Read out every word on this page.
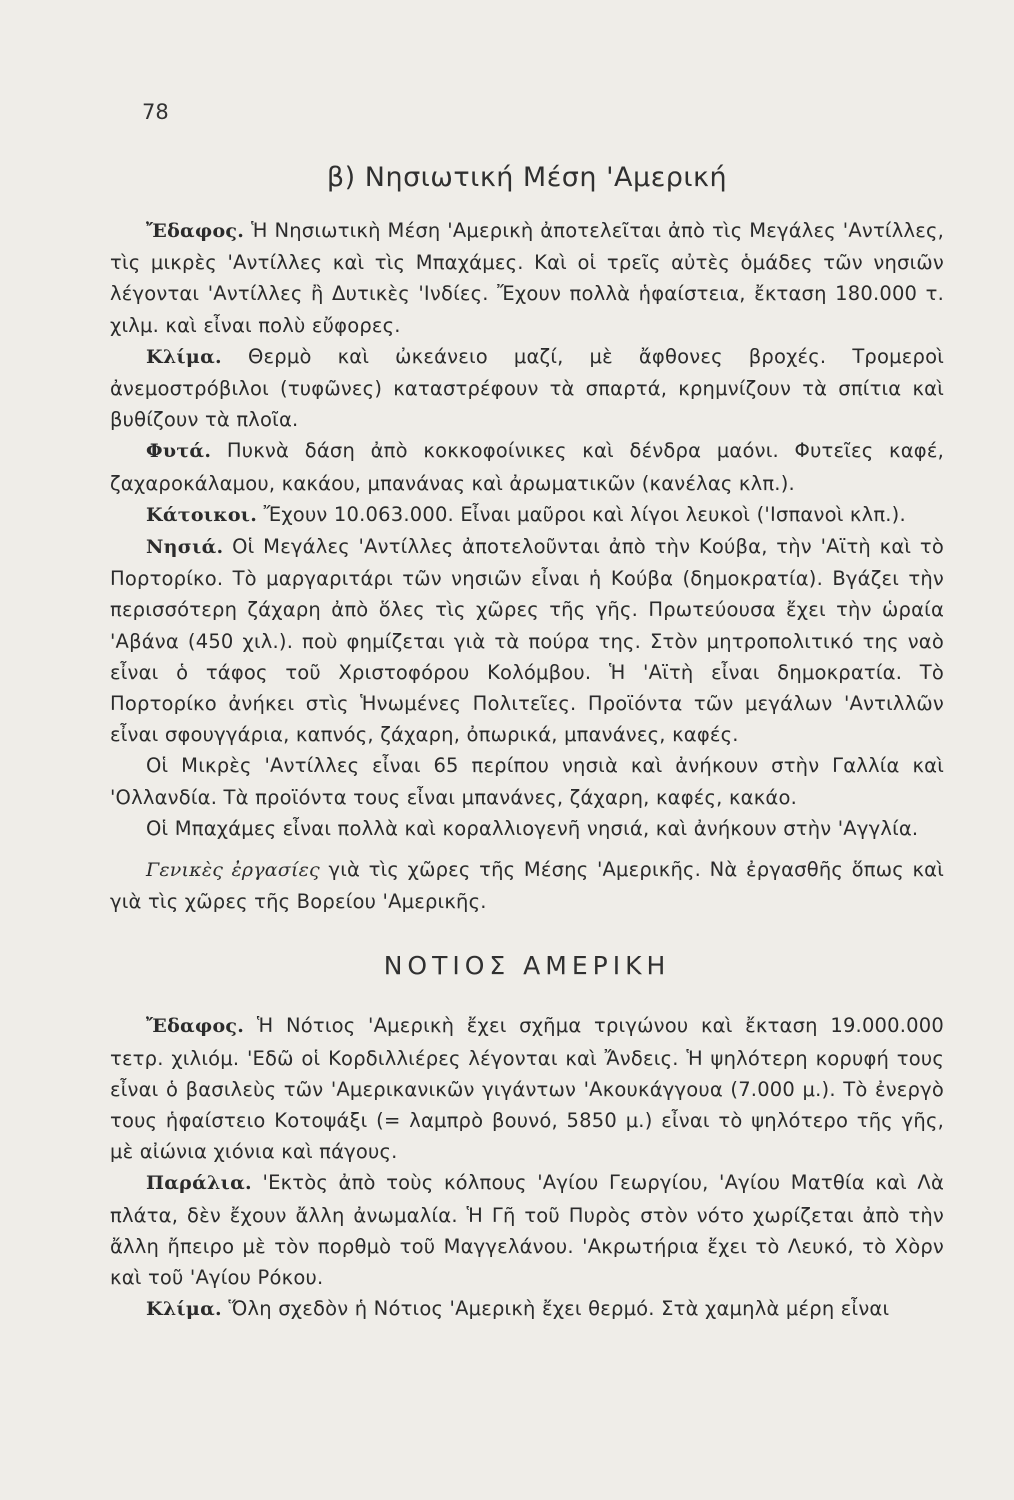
78
β) Νησιωτική Μέση 'Αμερική

Ἔδαφος. Ἡ Νησιωτικὴ Μέση 'Αμερικὴ ἀποτελεῖται ἀπὸ τὶς Μεγάλες 'Αντίλλες, τὶς μικρὲς 'Αντίλλες καὶ τὶς Μπαχάμες. Καὶ οἱ τρεῖς αὐτὲς ὁμάδες τῶν νησιῶν λέγονται 'Αντίλλες ἢ Δυτικὲς 'Ινδίες. Ἔχουν πολλὰ ἡφαίστεια, ἔκταση 180.000 τ. χιλμ. καὶ εἶναι πολὺ εὔφορες.

Κλίμα. Θερμὸ καὶ ὠκεάνειο μαζί, μὲ ἄφθονες βροχές. Τρομεροὶ ἀνεμοστρόβιλοι (τυφῶνες) καταστρέφουν τὰ σπαρτά, κρημνίζουν τὰ σπίτια καὶ βυθίζουν τὰ πλοῖα.

Φυτά. Πυκνὰ δάση ἀπὸ κοκκοφοίνικες καὶ δένδρα μαόνι. Φυτεῖες καφέ, ζαχαροκάλαμου, κακάου, μπανάνας καὶ ἀρωματικῶν (κανέλας κλπ.).

Κάτοικοι. Ἔχουν 10.063.000. Εἶναι μαῦροι καὶ λίγοι λευκοὶ ('Ισπανοὶ κλπ.).

Νησιά. Οἱ Μεγάλες 'Αντίλλες ἀποτελοῦνται ἀπὸ τὴν Κούβα, τὴν 'Αϊτὴ καὶ τὸ Πορτορίκο. Τὸ μαργαριτάρι τῶν νησιῶν εἶναι ἡ Κούβα (δημοκρατία). Βγάζει τὴν περισσότερη ζάχαρη ἀπὸ ὅλες τὶς χῶρες τῆς γῆς. Πρωτεύουσα ἔχει τὴν ὡραία 'Αβάνα (450 χιλ.). ποὺ φημίζεται γιὰ τὰ πούρα της. Στὸν μητροπολιτικό της ναὸ εἶναι ὁ τάφος τοῦ Χριστοφόρου Κολόμβου. Ἡ 'Αϊτὴ εἶναι δημοκρατία. Τὸ Πορτορίκο ἀνήκει στὶς Ἡνωμένες Πολιτεῖες. Προϊόντα τῶν μεγάλων 'Αντιλλῶν εἶναι σφουγγάρια, καπνός, ζάχαρη, ὀπωρικά, μπανάνες, καφές.

Οἱ Μικρὲς 'Αντίλλες εἶναι 65 περίπου νησιὰ καὶ ἀνήκουν στὴν Γαλλία καὶ 'Ολλανδία. Τὰ προϊόντα τους εἶναι μπανάνες, ζάχαρη, καφές, κακάο.

Οἱ Μπαχάμες εἶναι πολλὰ καὶ κοραλλιογενῆ νησιά, καὶ ἀνήκουν στὴν 'Αγγλία.

Γενικὲς ἐργασίες γιὰ τὶς χῶρες τῆς Μέσης 'Αμερικῆς. Νὰ ἐργασθῆς ὅπως καὶ γιὰ τὶς χῶρες τῆς Βορείου 'Αμερικῆς.

ΝΟΤΙΟΣ ΑΜΕΡΙΚΗ

Ἔδαφος. Ἡ Νότιος 'Αμερικὴ ἔχει σχῆμα τριγώνου καὶ ἔκταση 19.000.000 τετρ. χιλιόμ. 'Εδῶ οἱ Κορδιλλιέρες λέγονται καὶ Ἄνδεις. Ἡ ψηλότερη κορυφή τους εἶναι ὁ βασιλεὺς τῶν 'Αμερικανικῶν γιγάντων 'Ακουκάγγουα (7.000 μ.). Τὸ ἐνεργὸ τους ἡφαίστειο Κοτοψάξι (= λαμπρὸ βουνό, 5850 μ.) εἶναι τὸ ψηλότερο τῆς γῆς, μὲ αἰώνια χιόνια καὶ πάγους.

Παράλια. 'Εκτὸς ἀπὸ τοὺς κόλπους 'Αγίου Γεωργίου, 'Αγίου Ματθία καὶ Λὰ πλάτα, δὲν ἔχουν ἄλλη ἀνωμαλία. Ἡ Γῆ τοῦ Πυρὸς στὸν νότο χωρίζεται ἀπὸ τὴν ἄλλη ἤπειρο μὲ τὸν πορθμὸ τοῦ Μαγγελάνου. 'Ακρωτήρια ἔχει τὸ Λευκό, τὸ Χὸρν καὶ τοῦ 'Αγίου Ρόκου.

Κλίμα. Ὅλη σχεδὸν ἡ Νότιος 'Αμερικὴ ἔχει θερμό. Στὰ χαμηλὰ μέρη εἶναι
